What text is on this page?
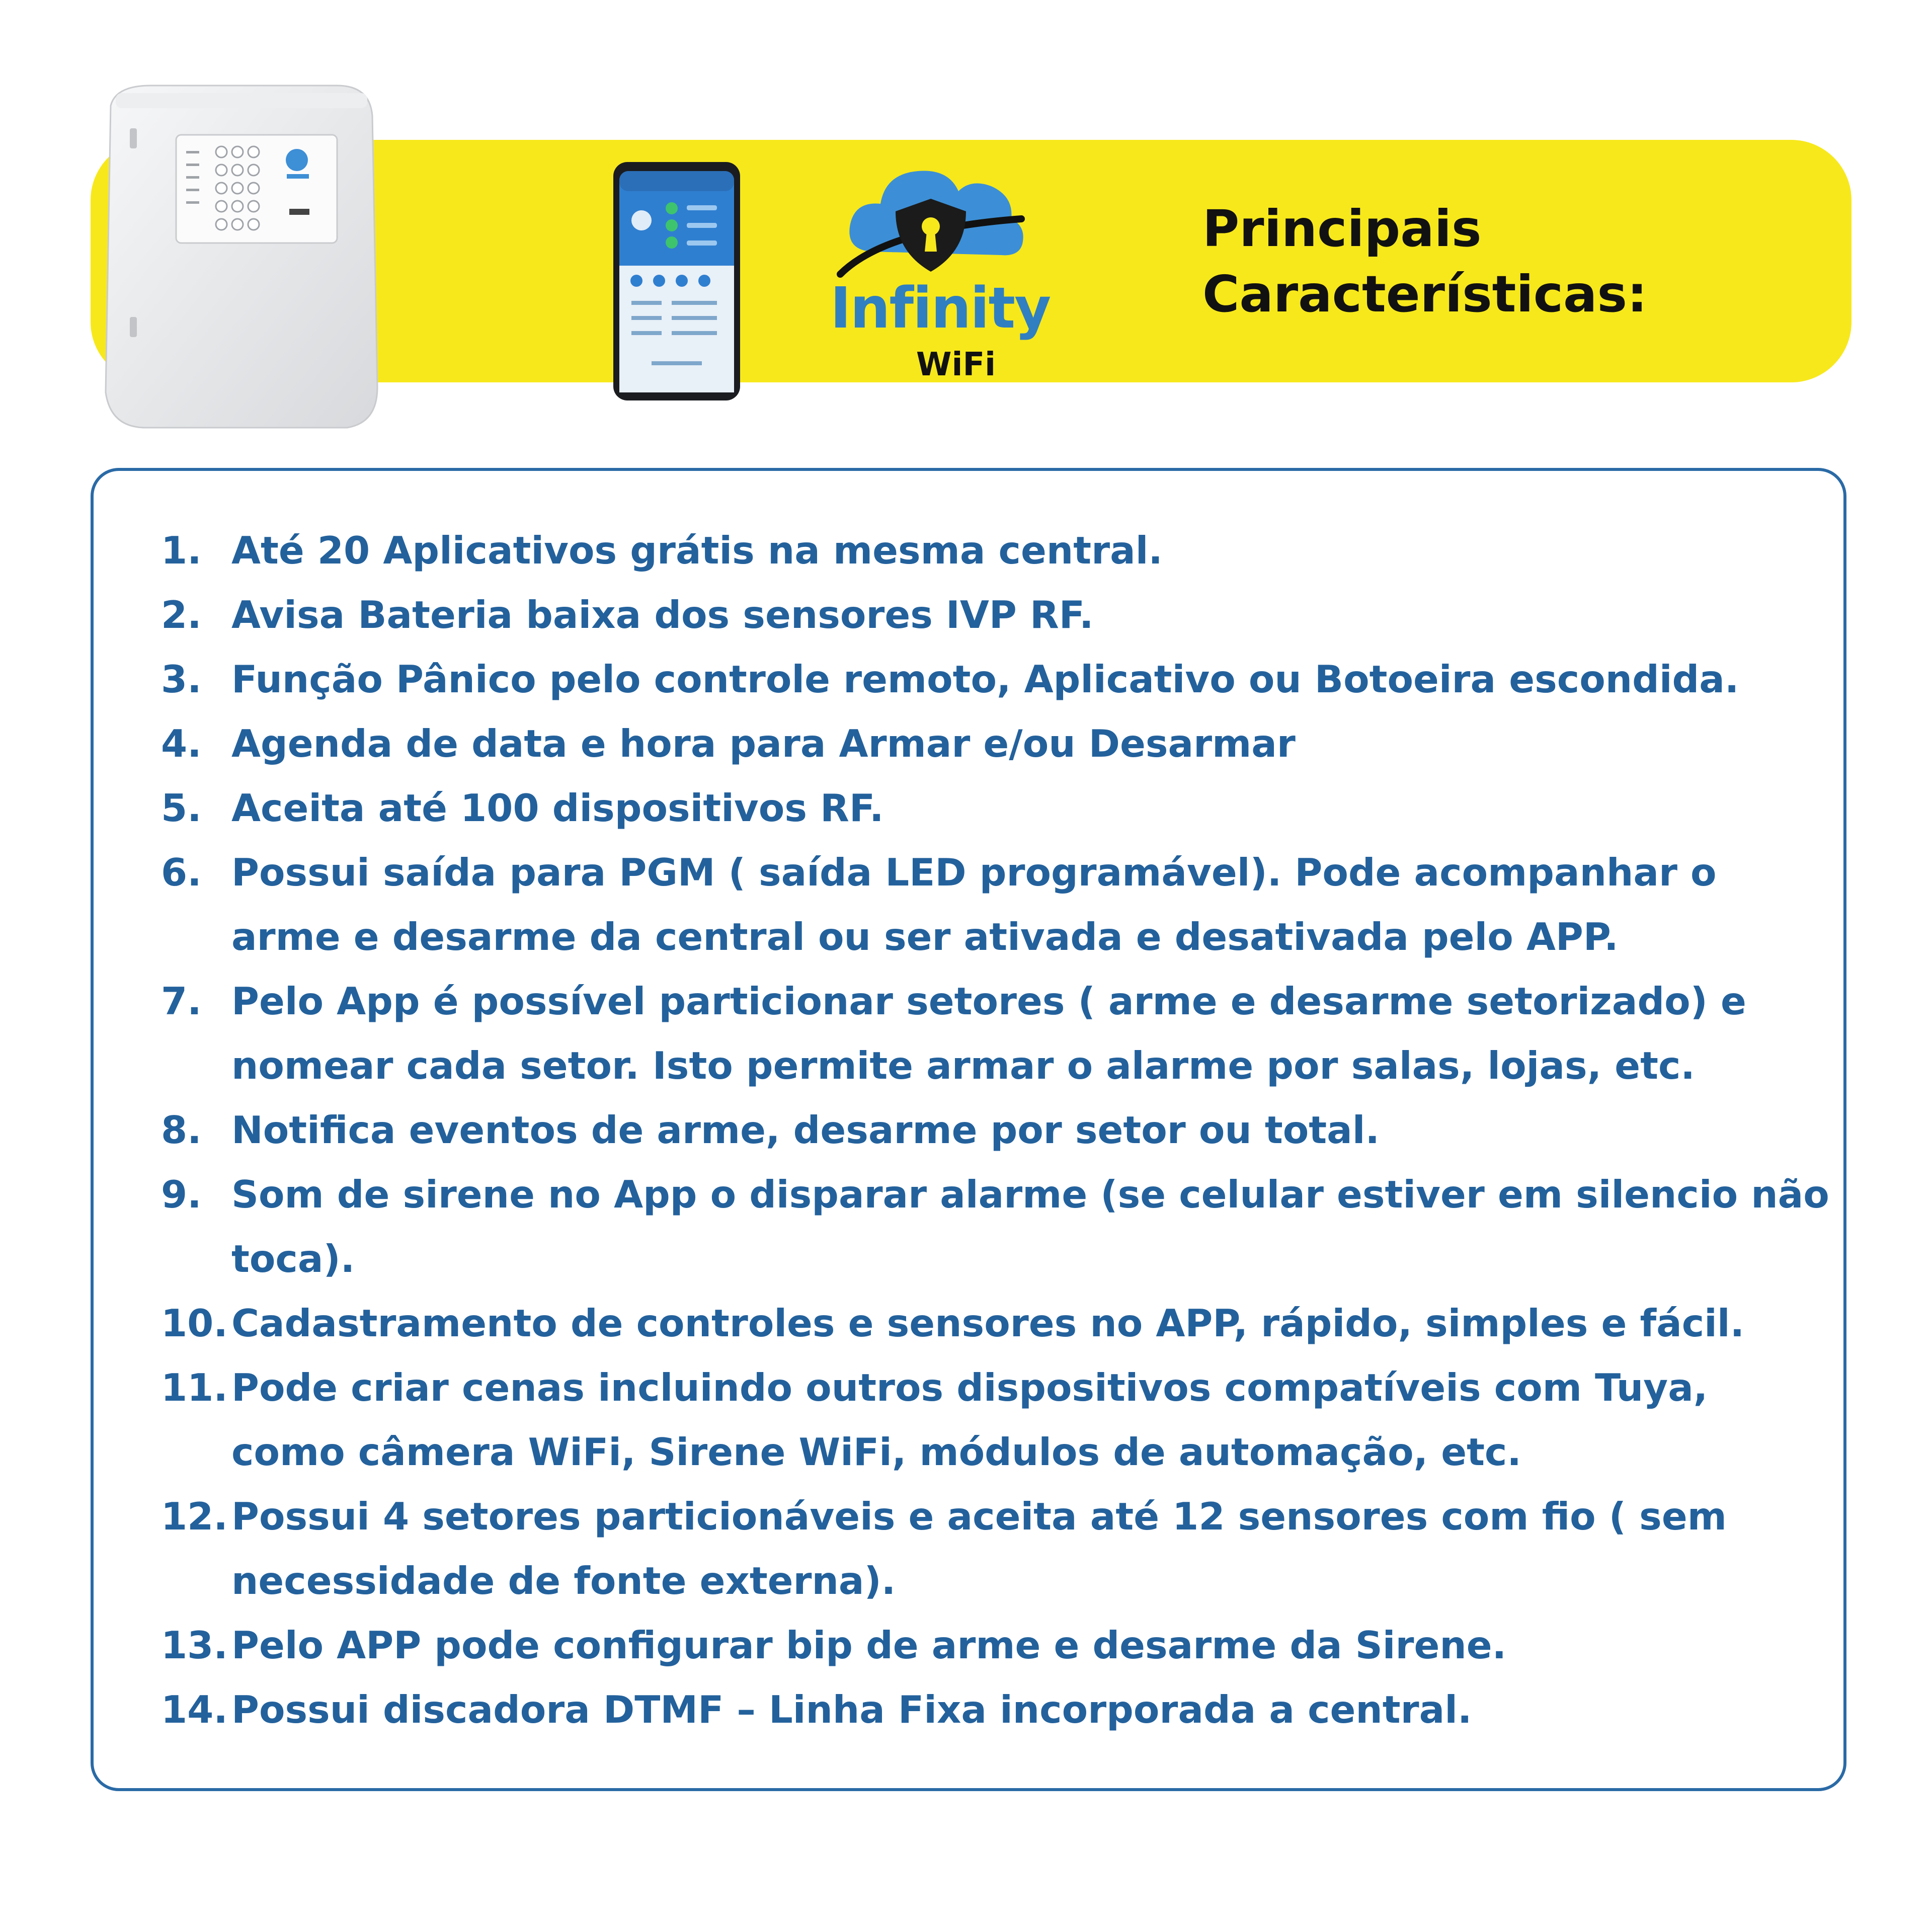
Infinity
WiFi
Principais
Características:
1. Até 20 Aplicativos grátis na mesma central.
2. Avisa Bateria baixa dos sensores IVP RF.
3. Função Pânico pelo controle remoto, Aplicativo ou Botoeira escondida.
4. Agenda de data e hora para Armar e/ou Desarmar
5. Aceita até 100 dispositivos RF.
6. Possui saída para PGM ( saída LED programável). Pode acompanhar o arme e desarme da central ou ser ativada e desativada pelo APP.
7. Pelo App é possível particionar setores ( arme e desarme setorizado) e nomear cada setor. Isto permite armar o alarme por salas, lojas, etc.
8. Notifica eventos de arme, desarme por setor ou total.
9. Som de sirene no App o disparar alarme (se celular estiver em silencio não toca).
10. Cadastramento de controles e sensores no APP, rápido, simples e fácil.
11. Pode criar cenas incluindo outros dispositivos compatíveis com Tuya, como câmera WiFi, Sirene WiFi, módulos de automação, etc.
12. Possui 4 setores particionáveis e aceita até 12 sensores com fio ( sem necessidade de fonte externa).
13. Pelo APP pode configurar bip de arme e desarme da Sirene.
14. Possui discadora DTMF – Linha Fixa incorporada a central.
